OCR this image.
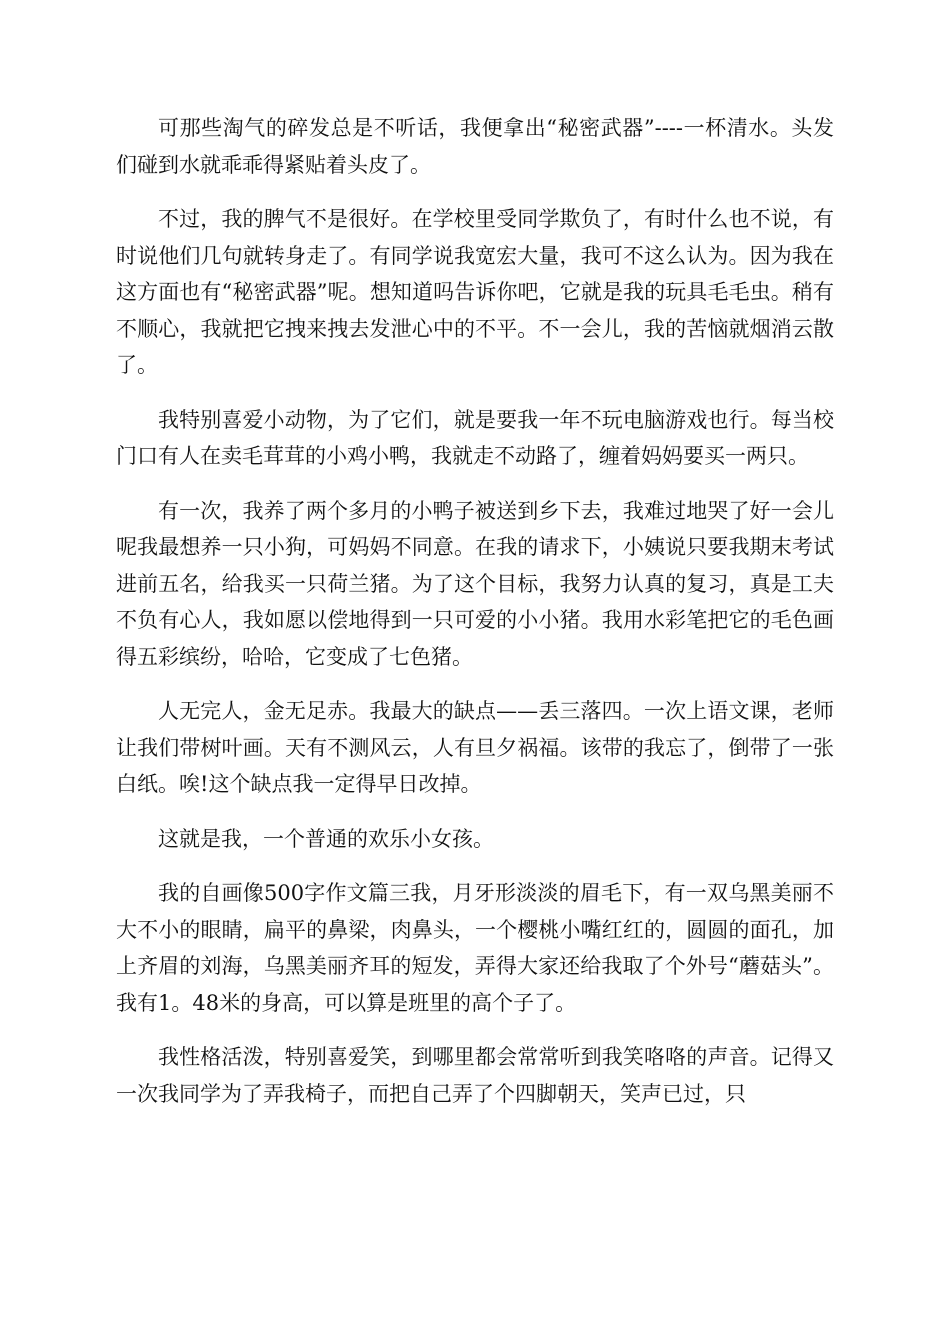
可那些淘气的碎发总是不听话，我便拿出“秘密武器”----一杯清水。头发们碰到水就乖乖得紧贴着头皮了。

不过，我的脾气不是很好。在学校里受同学欺负了，有时什么也不说，有时说他们几句就转身走了。有同学说我宽宏大量，我可不这么认为。因为我在这方面也有“秘密武器”呢。想知道吗告诉你吧，它就是我的玩具毛毛虫。稍有不顺心，我就把它拽来拽去发泄心中的不平。不一会儿，我的苦恼就烟消云散了。

我特别喜爱小动物，为了它们，就是要我一年不玩电脑游戏也行。每当校门口有人在卖毛茸茸的小鸡小鸭，我就走不动路了，缠着妈妈要买一两只。

有一次，我养了两个多月的小鸭子被送到乡下去，我难过地哭了好一会儿呢我最想养一只小狗，可妈妈不同意。在我的请求下，小姨说只要我期末考试进前五名，给我买一只荷兰猪。为了这个目标，我努力认真的复习，真是工夫不负有心人，我如愿以偿地得到一只可爱的小小猪。我用水彩笔把它的毛色画得五彩缤纷，哈哈，它变成了七色猪。

人无完人，金无足赤。我最大的缺点——丢三落四。一次上语文课，老师让我们带树叶画。天有不测风云，人有旦夕祸福。该带的我忘了，倒带了一张白纸。唉!这个缺点我一定得早日改掉。

这就是我，一个普通的欢乐小女孩。

我的自画像500字作文篇三我，月牙形淡淡的眉毛下，有一双乌黑美丽不大不小的眼睛，扁平的鼻梁，肉鼻头，一个樱桃小嘴红红的，圆圆的面孔，加上齐眉的刘海，乌黑美丽齐耳的短发，弄得大家还给我取了个外号“蘑菇头”。我有1。48米的身高，可以算是班里的高个子了。

我性格活泼，特别喜爱笑，到哪里都会常常听到我笑咯咯的声音。记得又一次我同学为了弄我椅子，而把自己弄了个四脚朝天，笑声已过，只
